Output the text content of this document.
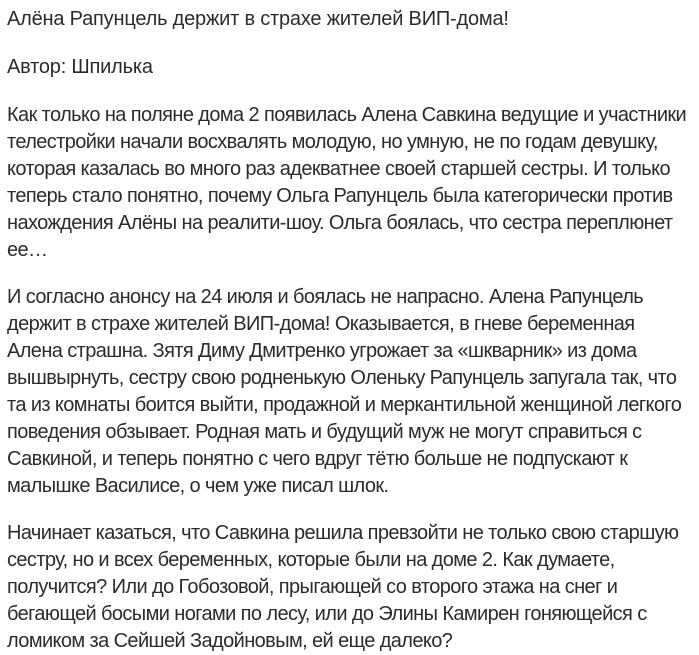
Алёна Рапунцель держит в страхе жителей ВИП-дома!

Автор: Шпилька

Как только на поляне дома 2 появилась Алена Савкина ведущие и участники телестройки начали восхвалять молодую, но умную, не по годам девушку, которая казалась во много раз адекватнее своей старшей сестры. И только теперь стало понятно, почему Ольга Рапунцель была категорически против нахождения Алёны на реалити-шоу. Ольга боялась, что сестра переплюнет ее…

И согласно анонсу на 24 июля и боялась не напрасно. Алена Рапунцель держит в страхе жителей ВИП-дома! Оказывается, в гневе беременная Алена страшна. Зятя Диму Дмитренко угрожает за «шкварник» из дома вышвырнуть, сестру свою родненькую Оленьку Рапунцель запугала так, что та из комнаты боится выйти, продажной и меркантильной женщиной легкого поведения обзывает. Родная мать и будущий муж не могут справиться с Савкиной, и теперь понятно с чего вдруг тётю больше не подпускают к малышке Василисе, о чем уже писал шлок.

Начинает казаться, что Савкина решила превзойти не только свою старшую сестру, но и всех беременных, которые были на доме 2. Как думаете, получится? Или до Гобозовой, прыгающей со второго этажа на снег и бегающей босыми ногами по лесу, или до Элины Камирен гоняющейся с ломиком за Сейшей Задойновым, ей еще далеко?
